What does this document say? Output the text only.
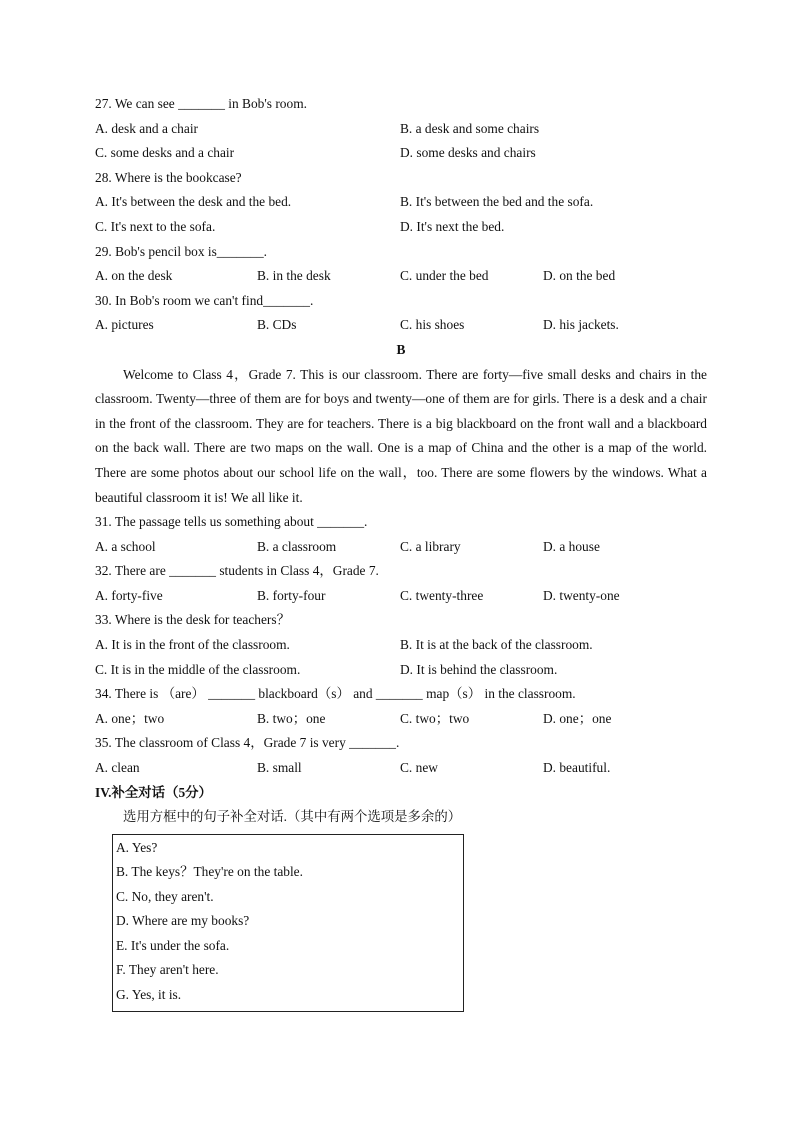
27. We can see _______ in Bob's room.
A. desk and a chair	B. a desk and some chairs
C. some desks and a chair	D. some desks and chairs
28. Where is the bookcase?
A. It's between the desk and the bed.	B. It's between the bed and the sofa.
C. It's next to the sofa.	D. It's next the bed.
29. Bob's pencil box is_______.
A. on the desk	B. in the desk	C. under the bed	D. on the bed
30. In Bob's room we can't find_______.
A. pictures	B. CDs	C. his shoes	D. his jackets.
B

Welcome to Class 4，Grade 7. This is our classroom. There are forty—five small desks and chairs in the classroom. Twenty—three of them are for boys and twenty—one of them are for girls. There is a desk and a chair in the front of the classroom. They are for teachers. There is a big blackboard on the front wall and a blackboard on the back wall. There are two maps on the wall. One is a map of China and the other is a map of the world. There are some photos about our school life on the wall，too. There are some flowers by the windows. What a beautiful classroom it is! We all like it.

31. The passage tells us something about _______.
A. a school	B. a classroom	C. a library	D. a house
32. There are _______ students in Class 4，Grade 7.
A. forty-five	B. forty-four	C. twenty-three	D. twenty-one
33. Where is the desk for teachers？
A. It is in the front of the classroom.	B. It is at the back of the classroom.
C. It is in the middle of the classroom.	D. It is behind the classroom.
34. There is （are） _______ blackboard（s） and _______ map（s） in the classroom.
A. one；two	B. two；one	C. two；two	D. one；one
35. The classroom of Class 4，Grade 7 is very _______.
A. clean	B. small	C. new	D. beautiful.
IV.补全对话（5分）
选用方框中的句子补全对话.（其中有两个选项是多余的）
A. Yes?
B. The keys？They're on the table.
C. No, they aren't.
D. Where are my books?
E. It's under the sofa.
F. They aren't here.
G. Yes, it is.
